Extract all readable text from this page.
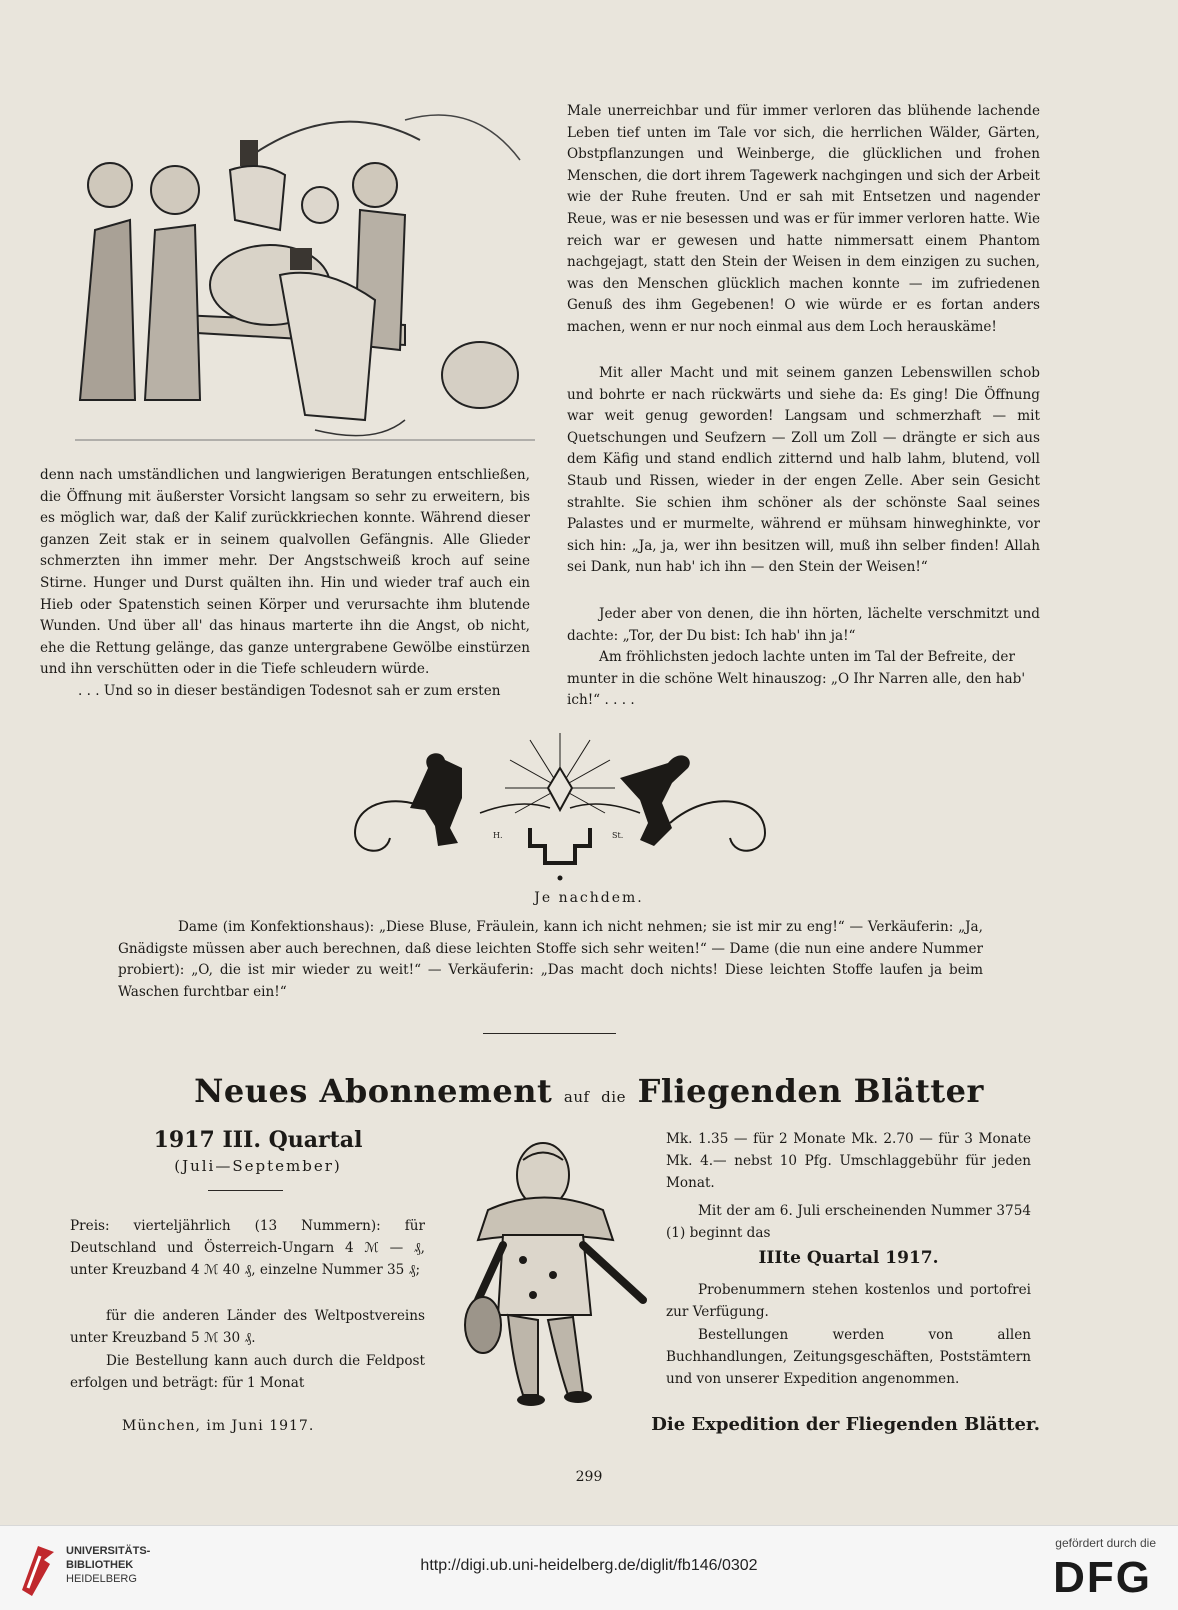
denn nach umständlichen und langwierigen Beratungen entschließen, die Öffnung mit äußerster Vorsicht langsam so sehr zu erweitern, bis es möglich war, daß der Kalif zurückkriechen konnte. Während dieser ganzen Zeit stak er in seinem qualvollen Gefängnis. Alle Glieder schmerzten ihn immer mehr. Der Angstschweiß kroch auf seine Stirne. Hunger und Durst quälten ihn. Hin und wieder traf auch ein Hieb oder Spatenstich seinen Körper und verursachte ihm blutende Wunden. Und über all' das hinaus marterte ihn die Angst, ob nicht, ehe die Rettung gelänge, das ganze untergrabene Gewölbe einstürzen und ihn verschütten oder in die Tiefe schleudern würde.

. . . Und so in dieser beständigen Todesnot sah er zum ersten

Male unerreichbar und für immer verloren das blühende lachende Leben tief unten im Tale vor sich, die herrlichen Wälder, Gärten, Obstpflanzungen und Weinberge, die glücklichen und frohen Menschen, die dort ihrem Tagewerk nachgingen und sich der Arbeit wie der Ruhe freuten. Und er sah mit Entsetzen und nagender Reue, was er nie besessen und was er für immer verloren hatte. Wie reich war er gewesen und hatte nimmersatt einem Phantom nachgejagt, statt den Stein der Weisen in dem einzigen zu suchen, was den Menschen glücklich machen konnte — im zufriedenen Genuß des ihm Gegebenen! O wie würde er es fortan anders machen, wenn er nur noch einmal aus dem Loch herauskäme!

Mit aller Macht und mit seinem ganzen Lebenswillen schob und bohrte er nach rückwärts und siehe da: Es ging! Die Öffnung war weit genug geworden! Langsam und schmerzhaft — mit Quetschungen und Seufzern — Zoll um Zoll — drängte er sich aus dem Käfig und stand endlich zitternd und halb lahm, blutend, voll Staub und Rissen, wieder in der engen Zelle. Aber sein Gesicht strahlte. Sie schien ihm schöner als der schönste Saal seines Palastes und er murmelte, während er mühsam hinweghinkte, vor sich hin: „Ja, ja, wer ihn besitzen will, muß ihn selber finden! Allah sei Dank, nun hab' ich ihn — den Stein der Weisen!“

Jeder aber von denen, die ihn hörten, lächelte verschmitzt und dachte: „Tor, der Du bist: Ich hab' ihn ja!“

Am fröhlichsten jedoch lachte unten im Tal der Befreite, der munter in die schöne Welt hinauszog: „O Ihr Narren alle, den hab' ich!“ . . . .

H.	St.
Je nachdem.

Dame (im Konfektionshaus): „Diese Bluse, Fräulein, kann ich nicht nehmen; sie ist mir zu eng!“ — Verkäuferin: „Ja, Gnädigste müssen aber auch berechnen, daß diese leichten Stoffe sich sehr weiten!“ — Dame (die nun eine andere Nummer probiert): „O, die ist mir wieder zu weit!“ — Verkäuferin: „Das macht doch nichts! Diese leichten Stoffe laufen ja beim Waschen furchtbar ein!“

Neues Abonnement auf die Fliegenden Blätter
1917 III. Quartal
(Juli—September)

Preis: vierteljährlich (13 Nummern): für Deutschland und Österreich-Ungarn 4 ℳ — ₰, unter Kreuzband 4 ℳ 40 ₰, einzelne Nummer 35 ₰;

für die anderen Länder des Weltpostvereins unter Kreuzband 5 ℳ 30 ₰.

Die Bestellung kann auch durch die Feldpost erfolgen und beträgt: für 1 Monat

München, im Juni 1917.

Mk. 1.35 — für 2 Monate Mk. 2.70 — für 3 Monate Mk. 4.— nebst 10 Pfg. Umschlaggebühr für jeden Monat.

Mit der am 6. Juli erscheinenden Nummer 3754 (1) beginnt das

IIIte Quartal 1917.

Probenummern stehen kostenlos und portofrei zur Verfügung.

Bestellungen werden von allen Buchhandlungen, Zeitungsgeschäften, Poststämtern und von unserer Expedition angenommen.

Die Expedition der Fliegenden Blätter.
299
UNIVERSITÄTS-
BIBLIOTHEK
HEIDELBERG
http://digi.ub.uni-heidelberg.de/diglit/fb146/0302
gefördert durch die
DFG
